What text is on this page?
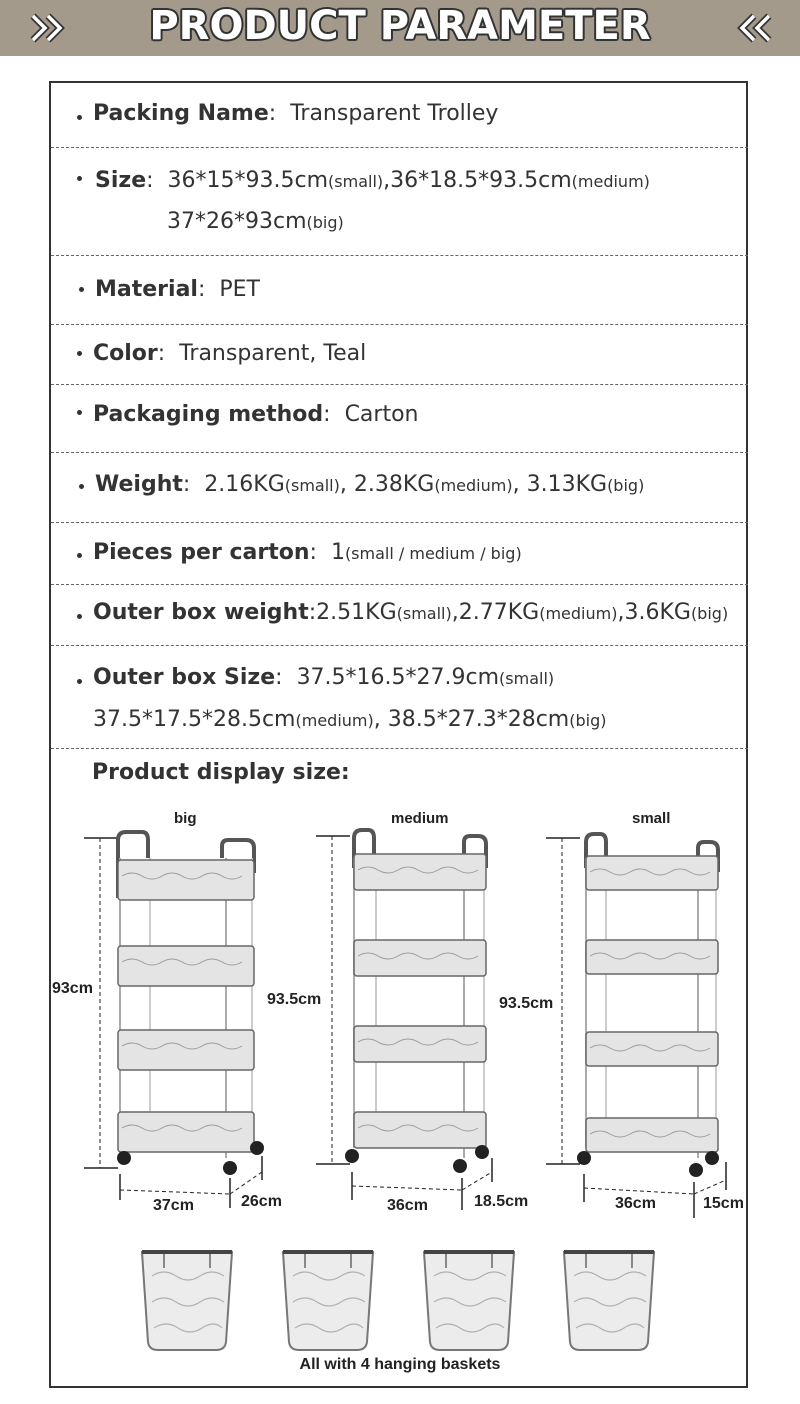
PRODUCT PARAMETER
Packing Name: Transparent Trolley
Size: 36*15*93.5cm(small),36*18.5*93.5cm(medium)
37*26*93cm(big)
Material: PET
Color: Transparent, Teal
Packaging method: Carton
Weight: 2.16KG(small), 2.38KG(medium), 3.13KG(big)
Pieces per carton: 1(small / medium / big)
Outer box weight:2.51KG(small),2.77KG(medium),3.6KG(big)
Outer box Size: 37.5*16.5*27.9cm(small)
37.5*17.5*28.5cm(medium), 38.5*27.3*28cm(big)
Product display size:
big	medium	small
93cm
37cm	26cm
93.5cm
36cm	18.5cm
93.5cm
36cm	15cm
All with 4 hanging baskets
